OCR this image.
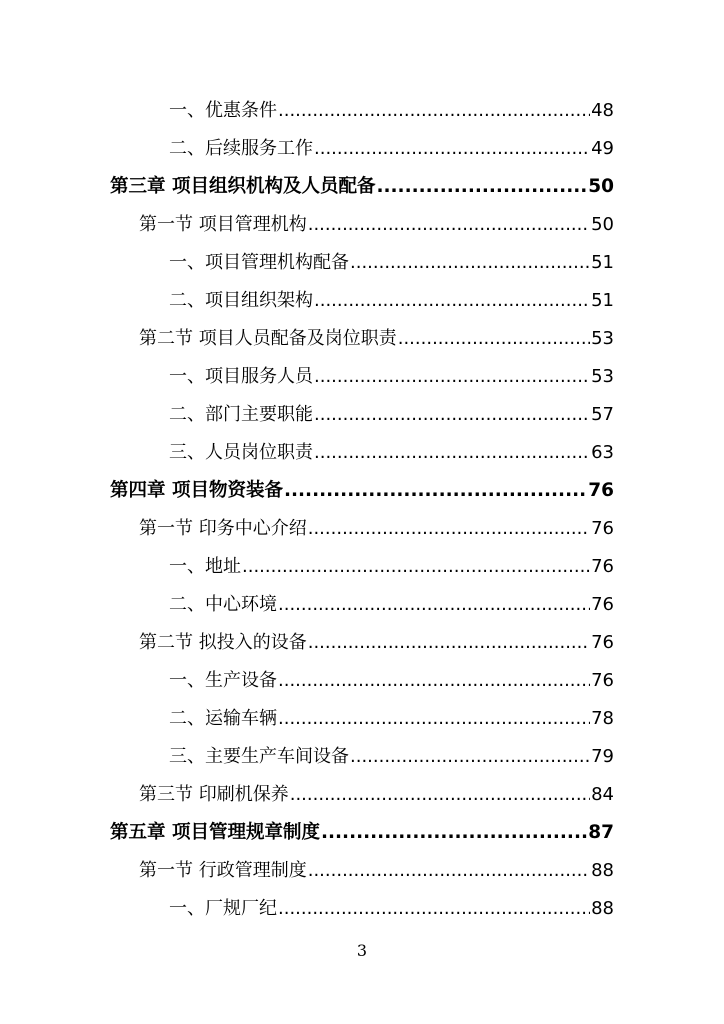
一、优惠条件 .....	48
二、后续服务工作 .....	49
第三章 项目组织机构及人员配备 .....	50
第一节 项目管理机构 .....	50
一、项目管理机构配备 .....	51
二、项目组织架构 .....	51
第二节 项目人员配备及岗位职责 .....	53
一、项目服务人员 .....	53
二、部门主要职能 .....	57
三、人员岗位职责 .....	63
第四章 项目物资装备 .....	76
第一节 印务中心介绍 .....	76
一、地址 .....	76
二、中心环境 .....	76
第二节 拟投入的设备 .....	76
一、生产设备 .....	76
二、运输车辆 .....	78
三、主要生产车间设备 .....	79
第三节 印刷机保养 .....	84
第五章 项目管理规章制度 .....	87
第一节 行政管理制度 .....	88
一、厂规厂纪 .....	88
3
